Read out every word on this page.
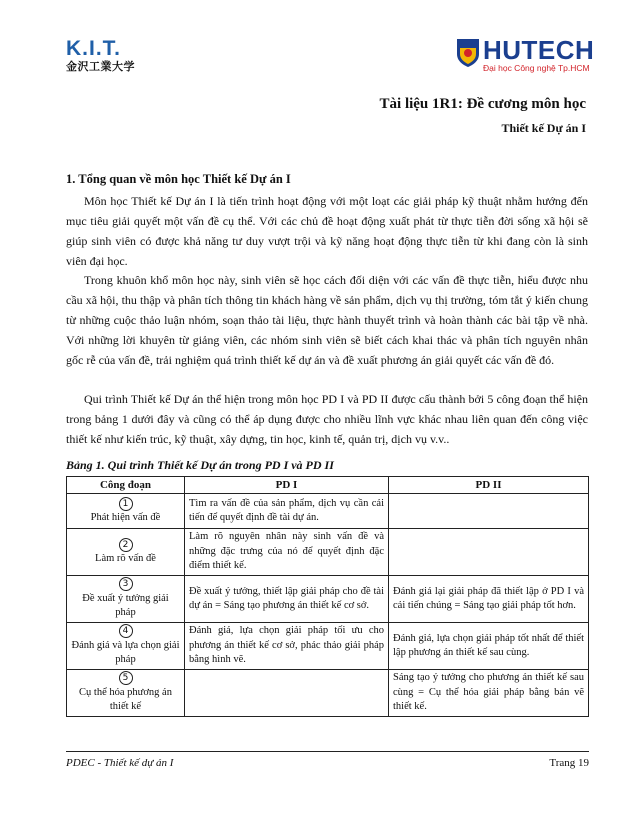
K.I.T.
金沢工業大学
HUTECH
Đại học Công nghệ Tp.HCM
Tài liệu 1R1: Đề cương môn học
Thiết kế Dự án I
1. Tổng quan về môn học Thiết kế Dự án I

Môn học Thiết kế Dự án I là tiến trình hoạt động với một loạt các giải pháp kỹ thuật nhằm hướng đến mục tiêu giải quyết một vấn đề cụ thể. Với các chủ đề hoạt động xuất phát từ thực tiễn đời sống xã hội sẽ giúp sinh viên có được khả năng tư duy vượt trội và kỹ năng hoạt động thực tiễn từ khi đang còn là sinh viên đại học.

Trong khuôn khổ môn học này, sinh viên sẽ học cách đối diện với các vấn đề thực tiễn, hiểu được nhu cầu xã hội, thu thập và phân tích thông tin khách hàng về sản phẩm, dịch vụ thị trường, tóm tắt ý kiến chung từ những cuộc thảo luận nhóm, soạn thảo tài liệu, thực hành thuyết trình và hoàn thành các bài tập về nhà. Với những lời khuyên từ giảng viên, các nhóm sinh viên sẽ biết cách khai thác và phân tích nguyên nhân gốc rễ của vấn đề, trải nghiệm quá trình thiết kế dự án và đề xuất phương án giải quyết các vấn đề đó.

Qui trình Thiết kế Dự án thể hiện trong môn học PD I và PD II được cấu thành bởi 5 công đoạn thể hiện trong bảng 1 dưới đây và cũng có thể áp dụng được cho nhiều lĩnh vực khác nhau liên quan đến công việc thiết kế như kiến trúc, kỹ thuật, xây dựng, tin học, kinh tế, quản trị, dịch vụ v.v..

Bảng 1. Qui trình Thiết kế Dự án trong PD I và PD II
Công đoạn	PD I	PD II
1
Phát hiện vấn đề	Tìm ra vấn đề của sản phẩm, dịch vụ cần cải tiến để quyết định đề tài dự án.	
2
Làm rõ vấn đề	Làm rõ nguyên nhân này sinh vấn đề và những đặc trưng của nó để quyết định đặc điểm thiết kế.	
3
Đề xuất ý tưởng giải pháp	Đề xuất ý tưởng, thiết lập giải pháp cho đề tài dự án = Sáng tạo phương án thiết kế cơ sở.	Đánh giá lại giải pháp đã thiết lập ở PD I và cải tiến chúng = Sáng tạo giải pháp tốt hơn.
4
Đánh giá và lựa chọn giải pháp	Đánh giá, lựa chọn giải pháp tối ưu cho phương án thiết kế cơ sở, phác thảo giải pháp bằng hình vẽ.	Đánh giá, lựa chọn giải pháp tốt nhất để thiết lập phương án thiết kế sau cùng.
5
Cụ thể hóa phương án thiết kế		Sáng tạo ý tưởng cho phương án thiết kế sau cùng = Cụ thể hóa giải pháp bằng bản vẽ thiết kế.
PDEC - Thiết kế dự án I	Trang 19
